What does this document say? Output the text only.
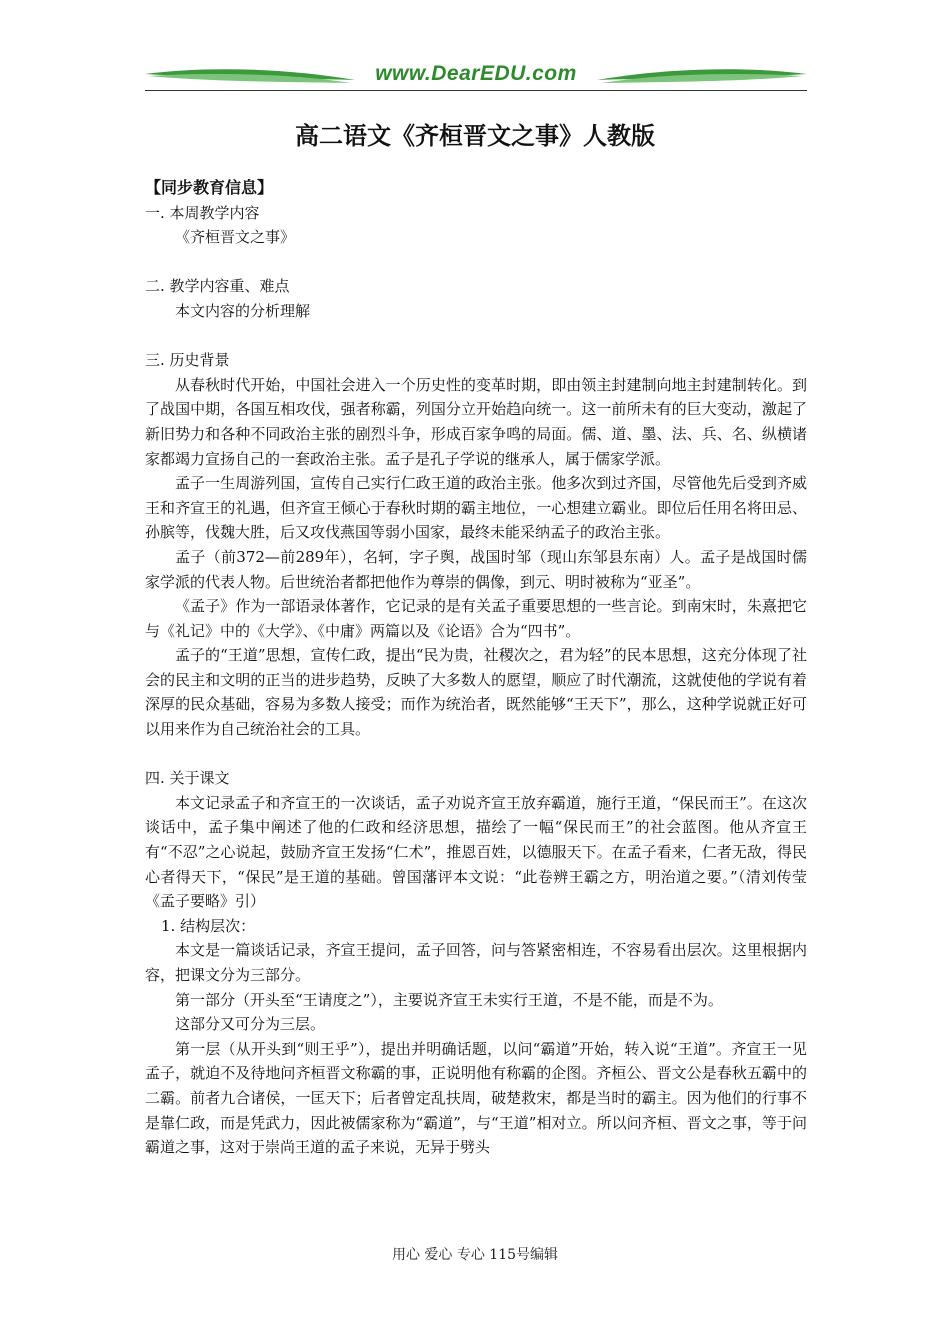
www.DearEDU.com
高二语文《齐桓晋文之事》人教版

【同步教育信息】

一. 本周教学内容

《齐桓晋文之事》

二. 教学内容重、难点

本文内容的分析理解

三. 历史背景

从春秋时代开始，中国社会进入一个历史性的变革时期，即由领主封建制向地主封建制转化。到了战国中期，各国互相攻伐，强者称霸，列国分立开始趋向统一。这一前所未有的巨大变动，激起了新旧势力和各种不同政治主张的剧烈斗争，形成百家争鸣的局面。儒、道、墨、法、兵、名、纵横诸家都竭力宣扬自己的一套政治主张。孟子是孔子学说的继承人，属于儒家学派。

孟子一生周游列国，宣传自己实行仁政王道的政治主张。他多次到过齐国，尽管他先后受到齐威王和齐宣王的礼遇，但齐宣王倾心于春秋时期的霸主地位，一心想建立霸业。即位后任用名将田忌、孙膑等，伐魏大胜，后又攻伐燕国等弱小国家，最终未能采纳孟子的政治主张。

孟子（前372—前289年），名轲，字子舆，战国时邹（现山东邹县东南）人。孟子是战国时儒家学派的代表人物。后世统治者都把他作为尊崇的偶像，到元、明时被称为“亚圣”。

《孟子》作为一部语录体著作，它记录的是有关孟子重要思想的一些言论。到南宋时，朱熹把它与《礼记》中的《大学》、《中庸》两篇以及《论语》合为“四书”。

孟子的“王道”思想，宣传仁政，提出“民为贵，社稷次之，君为轻”的民本思想，这充分体现了社会的民主和文明的正当的进步趋势，反映了大多数人的愿望，顺应了时代潮流，这就使他的学说有着深厚的民众基础，容易为多数人接受；而作为统治者，既然能够“王天下”，那么，这种学说就正好可以用来作为自己统治社会的工具。

四. 关于课文

本文记录孟子和齐宣王的一次谈话，孟子劝说齐宣王放弃霸道，施行王道，“保民而王”。在这次谈话中，孟子集中阐述了他的仁政和经济思想，描绘了一幅“保民而王”的社会蓝图。他从齐宣王有“不忍”之心说起，鼓励齐宣王发扬“仁术”，推恩百姓，以德服天下。在孟子看来，仁者无敌，得民心者得天下，“保民”是王道的基础。曾国藩评本文说：“此卷辨王霸之方，明治道之要。”（清刘传莹《孟子要略》引）

1. 结构层次：

本文是一篇谈话记录，齐宣王提问，孟子回答，问与答紧密相连，不容易看出层次。这里根据内容，把课文分为三部分。

第一部分（开头至“王请度之”），主要说齐宣王未实行王道，不是不能，而是不为。

这部分又可分为三层。

第一层（从开头到“则王乎”），提出并明确话题，以问“霸道”开始，转入说“王道”。齐宣王一见孟子，就迫不及待地问齐桓晋文称霸的事，正说明他有称霸的企图。齐桓公、晋文公是春秋五霸中的二霸。前者九合诸侯，一匡天下；后者曾定乱扶周，破楚救宋，都是当时的霸主。因为他们的行事不是靠仁政，而是凭武力，因此被儒家称为“霸道”，与“王道”相对立。所以问齐桓、晋文之事，等于问霸道之事，这对于崇尚王道的孟子来说，无异于劈头

用心 爱心 专心 115号编辑
